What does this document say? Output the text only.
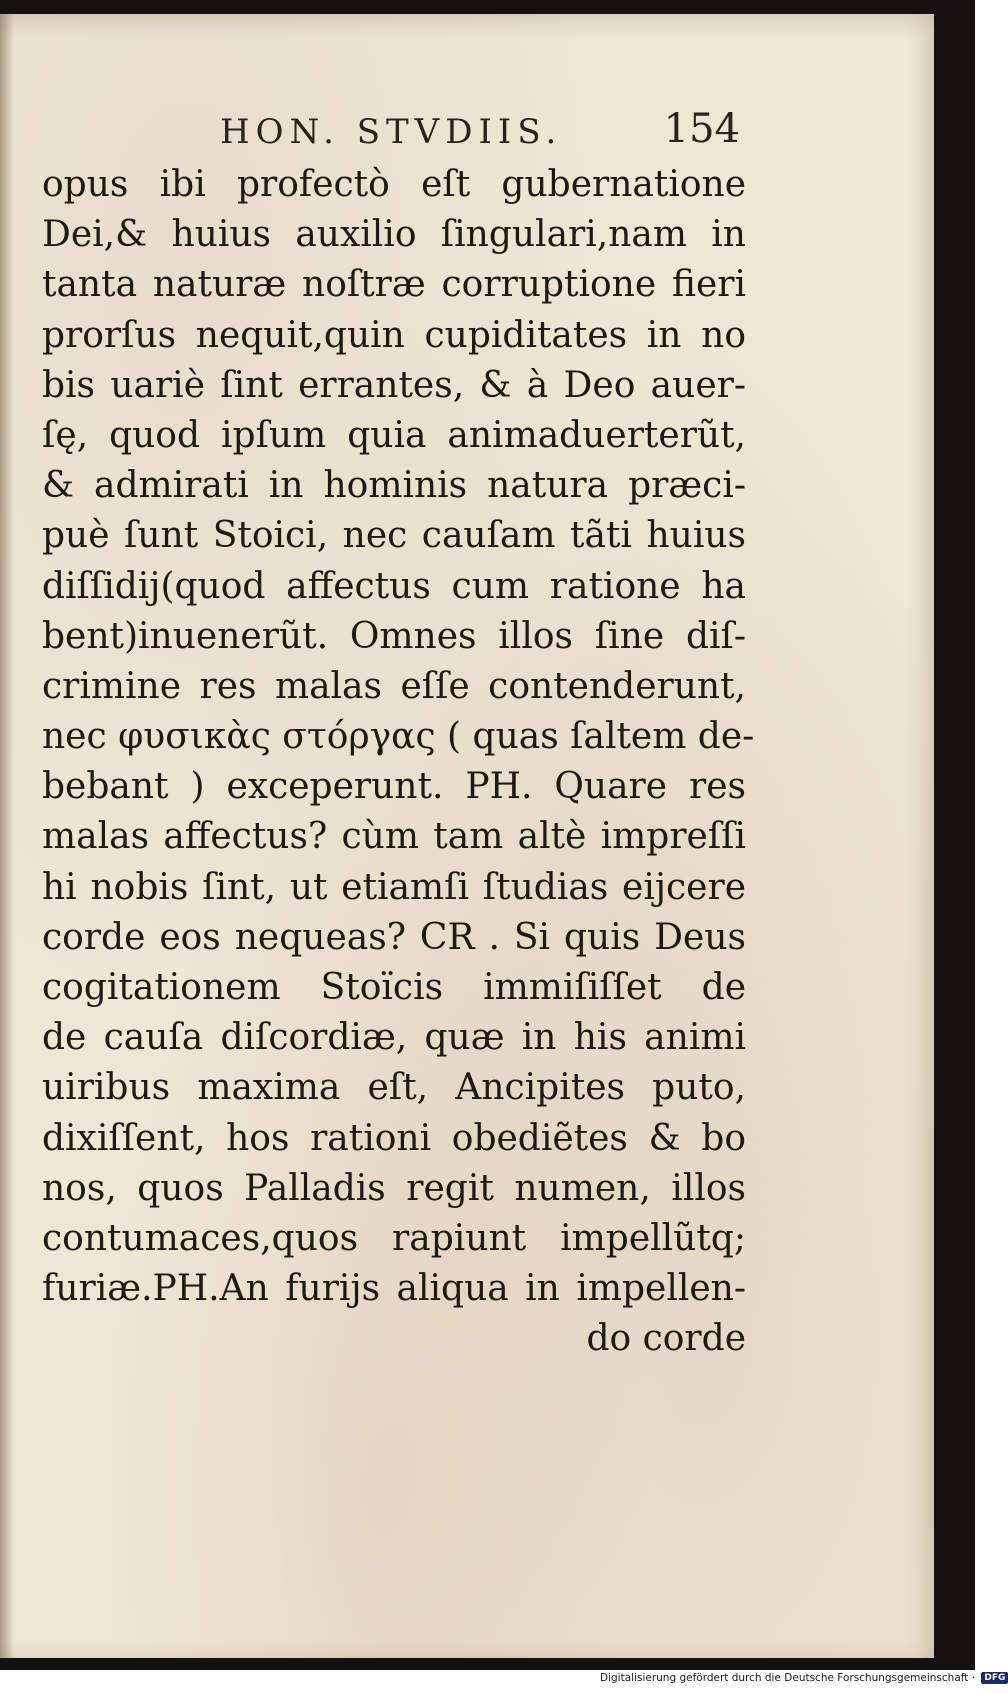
HON. STVDIIS.	154
opus ibi profectò eſt gubernatione
Dei,& huius auxilio ſingulari,nam in
tanta naturæ noſtræ corruptione fieri
prorſus nequit,quin cupiditates in no
bis uariè ſint errantes, & à Deo auer-
ſę, quod ipſum quia animaduerterũt,
& admirati in hominis natura præci-
puè ſunt Stoici, nec cauſam tãti huius
diſſidij(quod affectus cum ratione ha
bent)inuenerũt. Omnes illos ſine diſ-
crimine res malas eſſe contenderunt,
nec φυσικὰς στόργας ( quas ſaltem de-
bebant ) exceperunt. PH. Quare res
malas affectus? cùm tam altè impreſſi
hi nobis ſint, ut etiamſi ſtudias eijcere
corde eos nequeas? CR . Si quis Deus
cogitationem Stoïcis immiſiſſet de
de cauſa diſcordiæ, quæ in his animi
uiribus maxima eſt, Ancipites puto,
dixiſſent, hos rationi obediẽtes & bo
nos, quos Palladis regit numen, illos
contumaces,quos rapiunt impellũtq;
furiæ.PH.An furijs aliqua in impellen-
do corde
Digitalisierung gefördert durch die Deutsche Forschungsgemeinschaft · DFG
